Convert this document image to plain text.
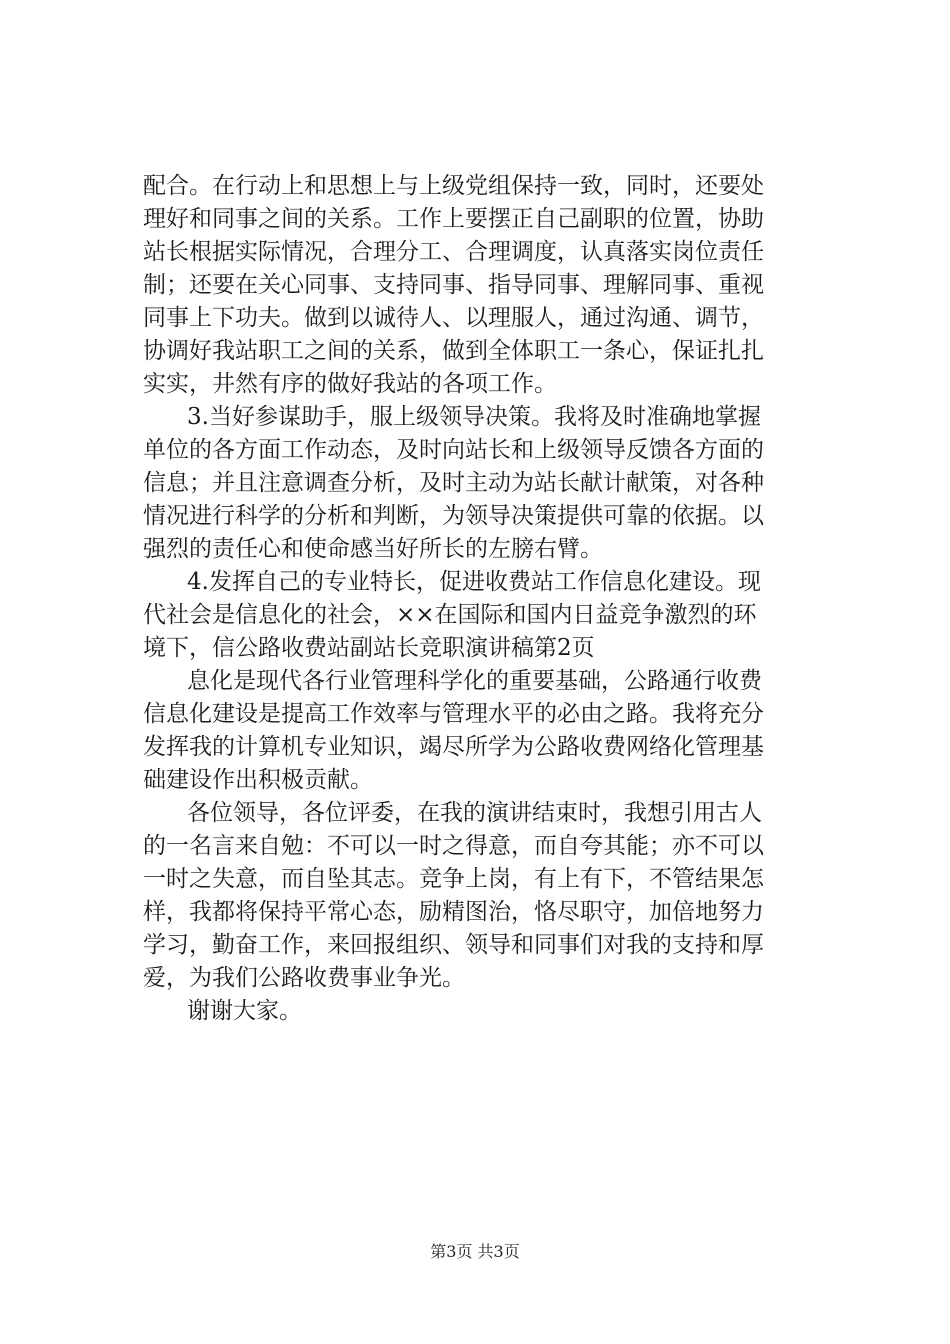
配合。在行动上和思想上与上级党组保持一致，同时，还要处
理好和同事之间的关系。工作上要摆正自己副职的位置，协助
站长根据实际情况，合理分工、合理调度，认真落实岗位责任
制；还要在关心同事、支持同事、指导同事、理解同事、重视
同事上下功夫。做到以诚待人、以理服人，通过沟通、调节，
协调好我站职工之间的关系，做到全体职工一条心，保证扎扎
实实，井然有序的做好我站的各项工作。
3.当好参谋助手，服上级领导决策。我将及时准确地掌握
单位的各方面工作动态，及时向站长和上级领导反馈各方面的
信息；并且注意调查分析，及时主动为站长献计献策，对各种
情况进行科学的分析和判断，为领导决策提供可靠的依据。以
强烈的责任心和使命感当好所长的左膀右臂。
4.发挥自己的专业特长，促进收费站工作信息化建设。现
代社会是信息化的社会，××在国际和国内日益竞争激烈的环
境下，信公路收费站副站长竞职演讲稿第2页
息化是现代各行业管理科学化的重要基础，公路通行收费
信息化建设是提高工作效率与管理水平的必由之路。我将充分
发挥我的计算机专业知识，竭尽所学为公路收费网络化管理基
础建设作出积极贡献。
各位领导，各位评委，在我的演讲结束时，我想引用古人
的一名言来自勉：不可以一时之得意，而自夸其能；亦不可以
一时之失意，而自坠其志。竞争上岗，有上有下，不管结果怎
样，我都将保持平常心态，励精图治，恪尽职守，加倍地努力
学习，勤奋工作，来回报组织、领导和同事们对我的支持和厚
爱，为我们公路收费事业争光。
谢谢大家。
第3页 共3页
